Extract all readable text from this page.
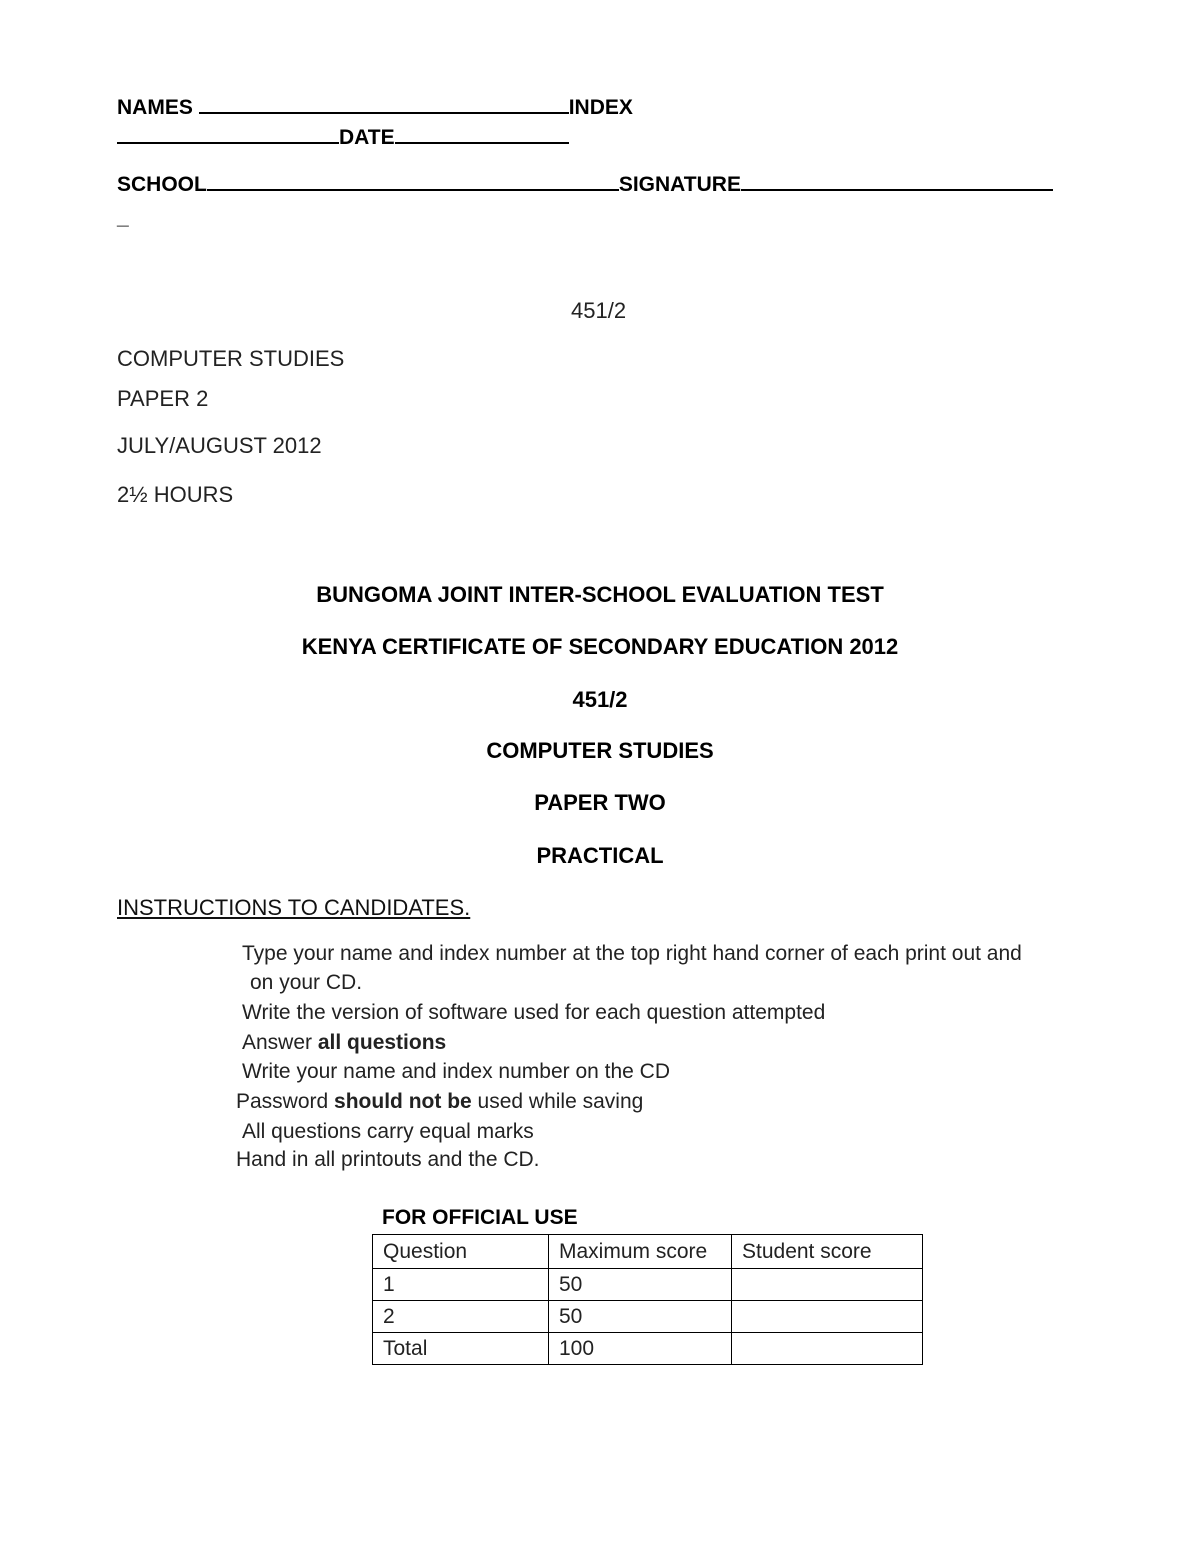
NAMES	INDEX
DATE
SCHOOL	SIGNATURE
_
451/2
COMPUTER STUDIES
PAPER 2
JULY/AUGUST 2012
2½ HOURS
BUNGOMA JOINT INTER-SCHOOL EVALUATION TEST
KENYA CERTIFICATE OF SECONDARY EDUCATION 2012
451/2
COMPUTER STUDIES
PAPER TWO
PRACTICAL
INSTRUCTIONS TO CANDIDATES.
Type your name and index number at the top right hand corner of each print out and
on your CD.
Write the version of software used for each question attempted
Answer all questions
Write your name and index number on the CD
Password should not be used while saving
All questions carry equal marks
Hand in all printouts and the CD.
FOR OFFICIAL USE
Question	Maximum score	Student score
1	50	
2	50	
Total	100	
